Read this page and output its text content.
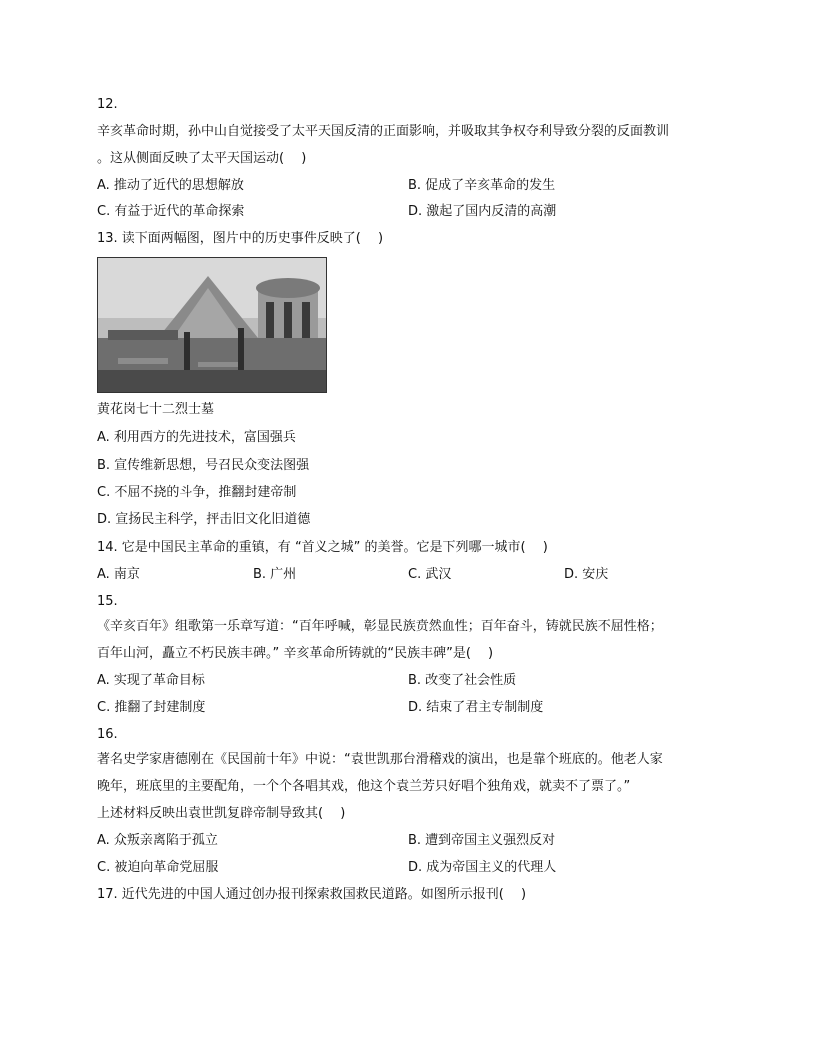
12.
辛亥革命时期，孙中山自觉接受了太平天国反清的正面影响，并吸取其争权夺利导致分裂的反面教训
。这从侧面反映了太平天国运动(　 )
A. 推动了近代的思想解放	B. 促成了辛亥革命的发生
C. 有益于近代的革命探索	D. 激起了国内反清的高潮
13. 读下面两幅图，图片中的历史事件反映了(　 )
黄花岗七十二烈士墓
A. 利用西方的先进技术，富国强兵
B. 宣传维新思想，号召民众变法图强
C. 不屈不挠的斗争，推翻封建帝制
D. 宣扬民主科学，抨击旧文化旧道德
14. 它是中国民主革命的重镇，有 “首义之城” 的美誉。它是下列哪一城市(　 )
A. 南京	B. 广州	C. 武汉	D. 安庆
15.
《辛亥百年》组歌第一乐章写道：“百年呼喊，彰显民族贲然血性；百年奋斗，铸就民族不屈性格；
百年山河，矗立不朽民族丰碑。” 辛亥革命所铸就的“民族丰碑”是(　 )
A. 实现了革命目标	B. 改变了社会性质
C. 推翻了封建制度	D. 结束了君主专制制度
16.
著名史学家唐德刚在《民国前十年》中说：“袁世凯那台滑稽戏的演出，也是靠个班底的。他老人家
晚年，班底里的主要配角，一个个各唱其戏，他这个袁兰芳只好唱个独角戏，就卖不了票了。”
上述材料反映出袁世凯复辟帝制导致其(　 )
A. 众叛亲离陷于孤立	B. 遭到帝国主义强烈反对
C. 被迫向革命党屈服	D. 成为帝国主义的代理人
17. 近代先进的中国人通过创办报刊探索救国救民道路。如图所示报刊(　 )
